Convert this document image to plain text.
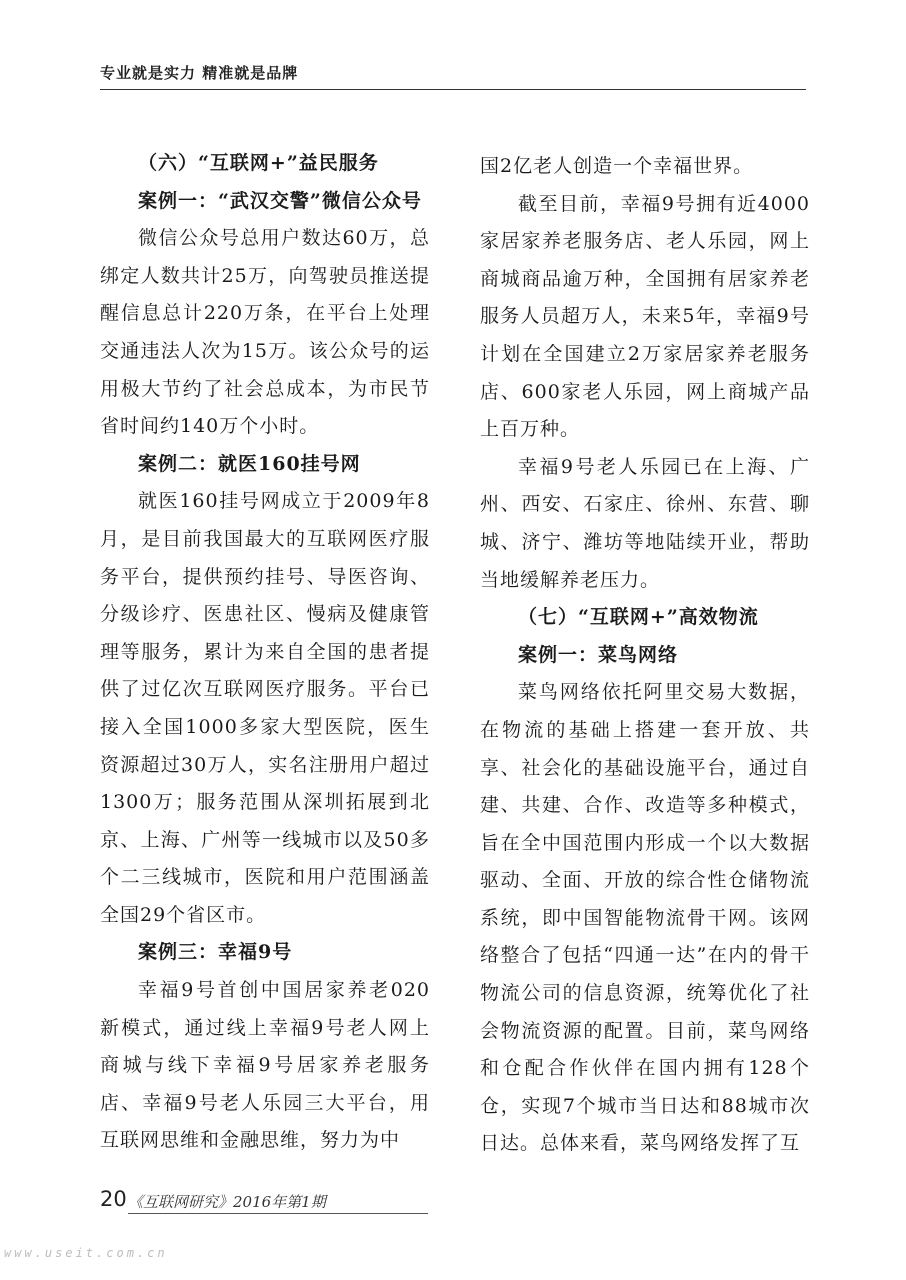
专业就是实力 精准就是品牌

（六）“互联网+”益民服务

案例一：“武汉交警”微信公众号

微信公众号总用户数达60万，总绑定人数共计25万，向驾驶员推送提醒信息总计220万条，在平台上处理交通违法人次为15万。该公众号的运用极大节约了社会总成本，为市民节省时间约140万个小时。

案例二：就医160挂号网

就医160挂号网成立于2009年8月，是目前我国最大的互联网医疗服务平台，提供预约挂号、导医咨询、分级诊疗、医患社区、慢病及健康管理等服务，累计为来自全国的患者提供了过亿次互联网医疗服务。平台已接入全国1000多家大型医院，医生资源超过30万人，实名注册用户超过1300万；服务范围从深圳拓展到北京、上海、广州等一线城市以及50多个二三线城市，医院和用户范围涵盖全国29个省区市。

案例三：幸福9号

幸福9号首创中国居家养老020新模式，通过线上幸福9号老人网上商城与线下幸福9号居家养老服务店、幸福9号老人乐园三大平台，用互联网思维和金融思维，努力为中

国2亿老人创造一个幸福世界。

截至目前，幸福9号拥有近4000家居家养老服务店、老人乐园，网上商城商品逾万种，全国拥有居家养老服务人员超万人，未来5年，幸福9号计划在全国建立2万家居家养老服务店、600家老人乐园，网上商城产品上百万种。

幸福9号老人乐园已在上海、广州、西安、石家庄、徐州、东营、聊城、济宁、潍坊等地陆续开业，帮助当地缓解养老压力。

（七）“互联网+”高效物流

案例一：菜鸟网络

菜鸟网络依托阿里交易大数据，在物流的基础上搭建一套开放、共享、社会化的基础设施平台，通过自建、共建、合作、改造等多种模式，旨在全中国范围内形成一个以大数据驱动、全面、开放的综合性仓储物流系统，即中国智能物流骨干网。该网络整合了包括“四通一达”在内的骨干物流公司的信息资源，统筹优化了社会物流资源的配置。目前，菜鸟网络和仓配合作伙伴在国内拥有128个仓，实现7个城市当日达和88城市次日达。总体来看，菜鸟网络发挥了互

20 《互联网研究》2016年第1期
www.useit.com.cn
